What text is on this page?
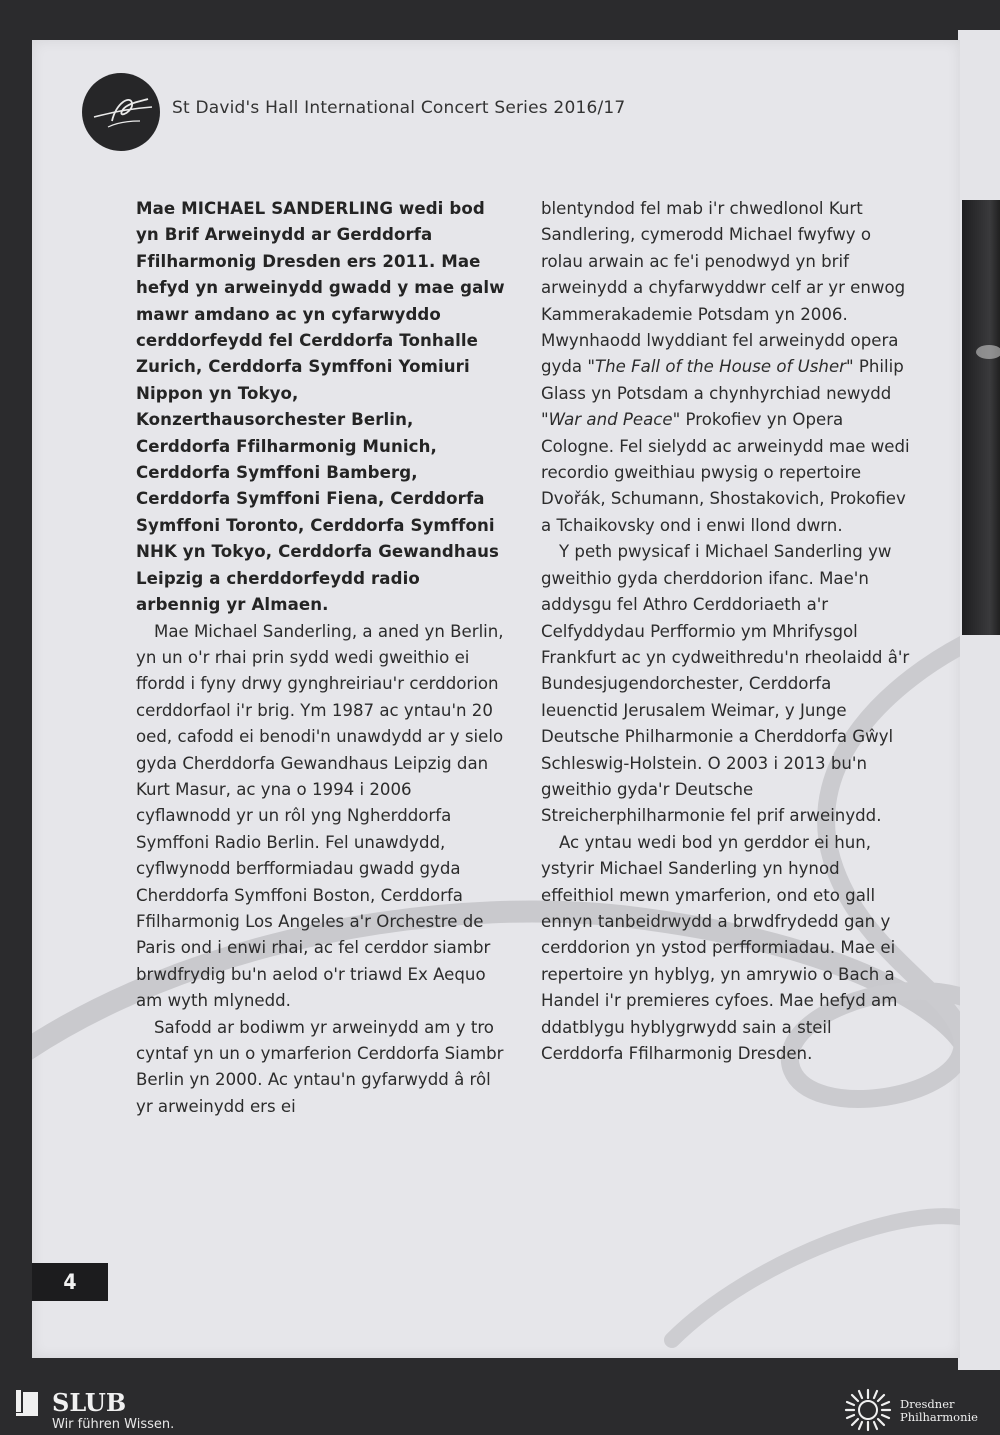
St David's Hall International Concert Series 2016/17

Mae MICHAEL SANDERLING wedi bod yn Brif Arweinydd ar Gerddorfa Ffilharmonig Dresden ers 2011. Mae hefyd yn arweinydd gwadd y mae galw mawr amdano ac yn cyfarwyddo cerddorfeydd fel Cerddorfa Tonhalle Zurich, Cerddorfa Symffoni Yomiuri Nippon yn Tokyo, Konzerthausorchester Berlin, Cerddorfa Ffilharmonig Munich, Cerddorfa Symffoni Bamberg, Cerddorfa Symffoni Fiena, Cerddorfa Symffoni Toronto, Cerddorfa Symffoni NHK yn Tokyo, Cerddorfa Gewandhaus Leipzig a cherddorfeydd radio arbennig yr Almaen.

Mae Michael Sanderling, a aned yn Berlin, yn un o'r rhai prin sydd wedi gweithio ei ffordd i fyny drwy gynghreiriau'r cerddorion cerddorfaol i'r brig. Ym 1987 ac yntau'n 20 oed, cafodd ei benodi'n unawdydd ar y sielo gyda Cherddorfa Gewandhaus Leipzig dan Kurt Masur, ac yna o 1994 i 2006 cyflawnodd yr un rôl yng Ngherddorfa Symffoni Radio Berlin. Fel unawdydd, cyflwynodd berfformiadau gwadd gyda Cherddorfa Symffoni Boston, Cerddorfa Ffilharmonig Los Angeles a'r Orchestre de Paris ond i enwi rhai, ac fel cerddor siambr brwdfrydig bu'n aelod o'r triawd Ex Aequo am wyth mlynedd.

Safodd ar bodiwm yr arweinydd am y tro cyntaf yn un o ymarferion Cerddorfa Siambr Berlin yn 2000. Ac yntau'n gyfarwydd â rôl yr arweinydd ers ei

blentyndod fel mab i'r chwedlonol Kurt Sandlering, cymerodd Michael fwyfwy o rolau arwain ac fe'i penodwyd yn brif arweinydd a chyfarwyddwr celf ar yr enwog Kammerakademie Potsdam yn 2006. Mwynhaodd lwyddiant fel arweinydd opera gyda "The Fall of the House of Usher" Philip Glass yn Potsdam a chynhyrchiad newydd "War and Peace" Prokofiev yn Opera Cologne. Fel sielydd ac arweinydd mae wedi recordio gweithiau pwysig o repertoire Dvořák, Schumann, Shostakovich, Prokofiev a Tchaikovsky ond i enwi llond dwrn.

Y peth pwysicaf i Michael Sanderling yw gweithio gyda cherddorion ifanc. Mae'n addysgu fel Athro Cerddoriaeth a'r Celfyddydau Perfformio ym Mhrifysgol Frankfurt ac yn cydweithredu'n rheolaidd â'r Bundesjugendorchester, Cerddorfa Ieuenctid Jerusalem Weimar, y Junge Deutsche Philharmonie a Cherddorfa Gŵyl Schleswig-Holstein. O 2003 i 2013 bu'n gweithio gyda'r Deutsche Streicherphilharmonie fel prif arweinydd.

Ac yntau wedi bod yn gerddor ei hun, ystyrir Michael Sanderling yn hynod effeithiol mewn ymarferion, ond eto gall ennyn tanbeidrwydd a brwdfrydedd gan y cerddorion yn ystod perfformiadau. Mae ei repertoire yn hyblyg, yn amrywio o Bach a Handel i'r premieres cyfoes. Mae hefyd am ddatblygu hyblygrwydd sain a steil Cerddorfa Ffilharmonig Dresden.

4
SLUB
Wir führen Wissen.
Dresdner
Philharmonie
